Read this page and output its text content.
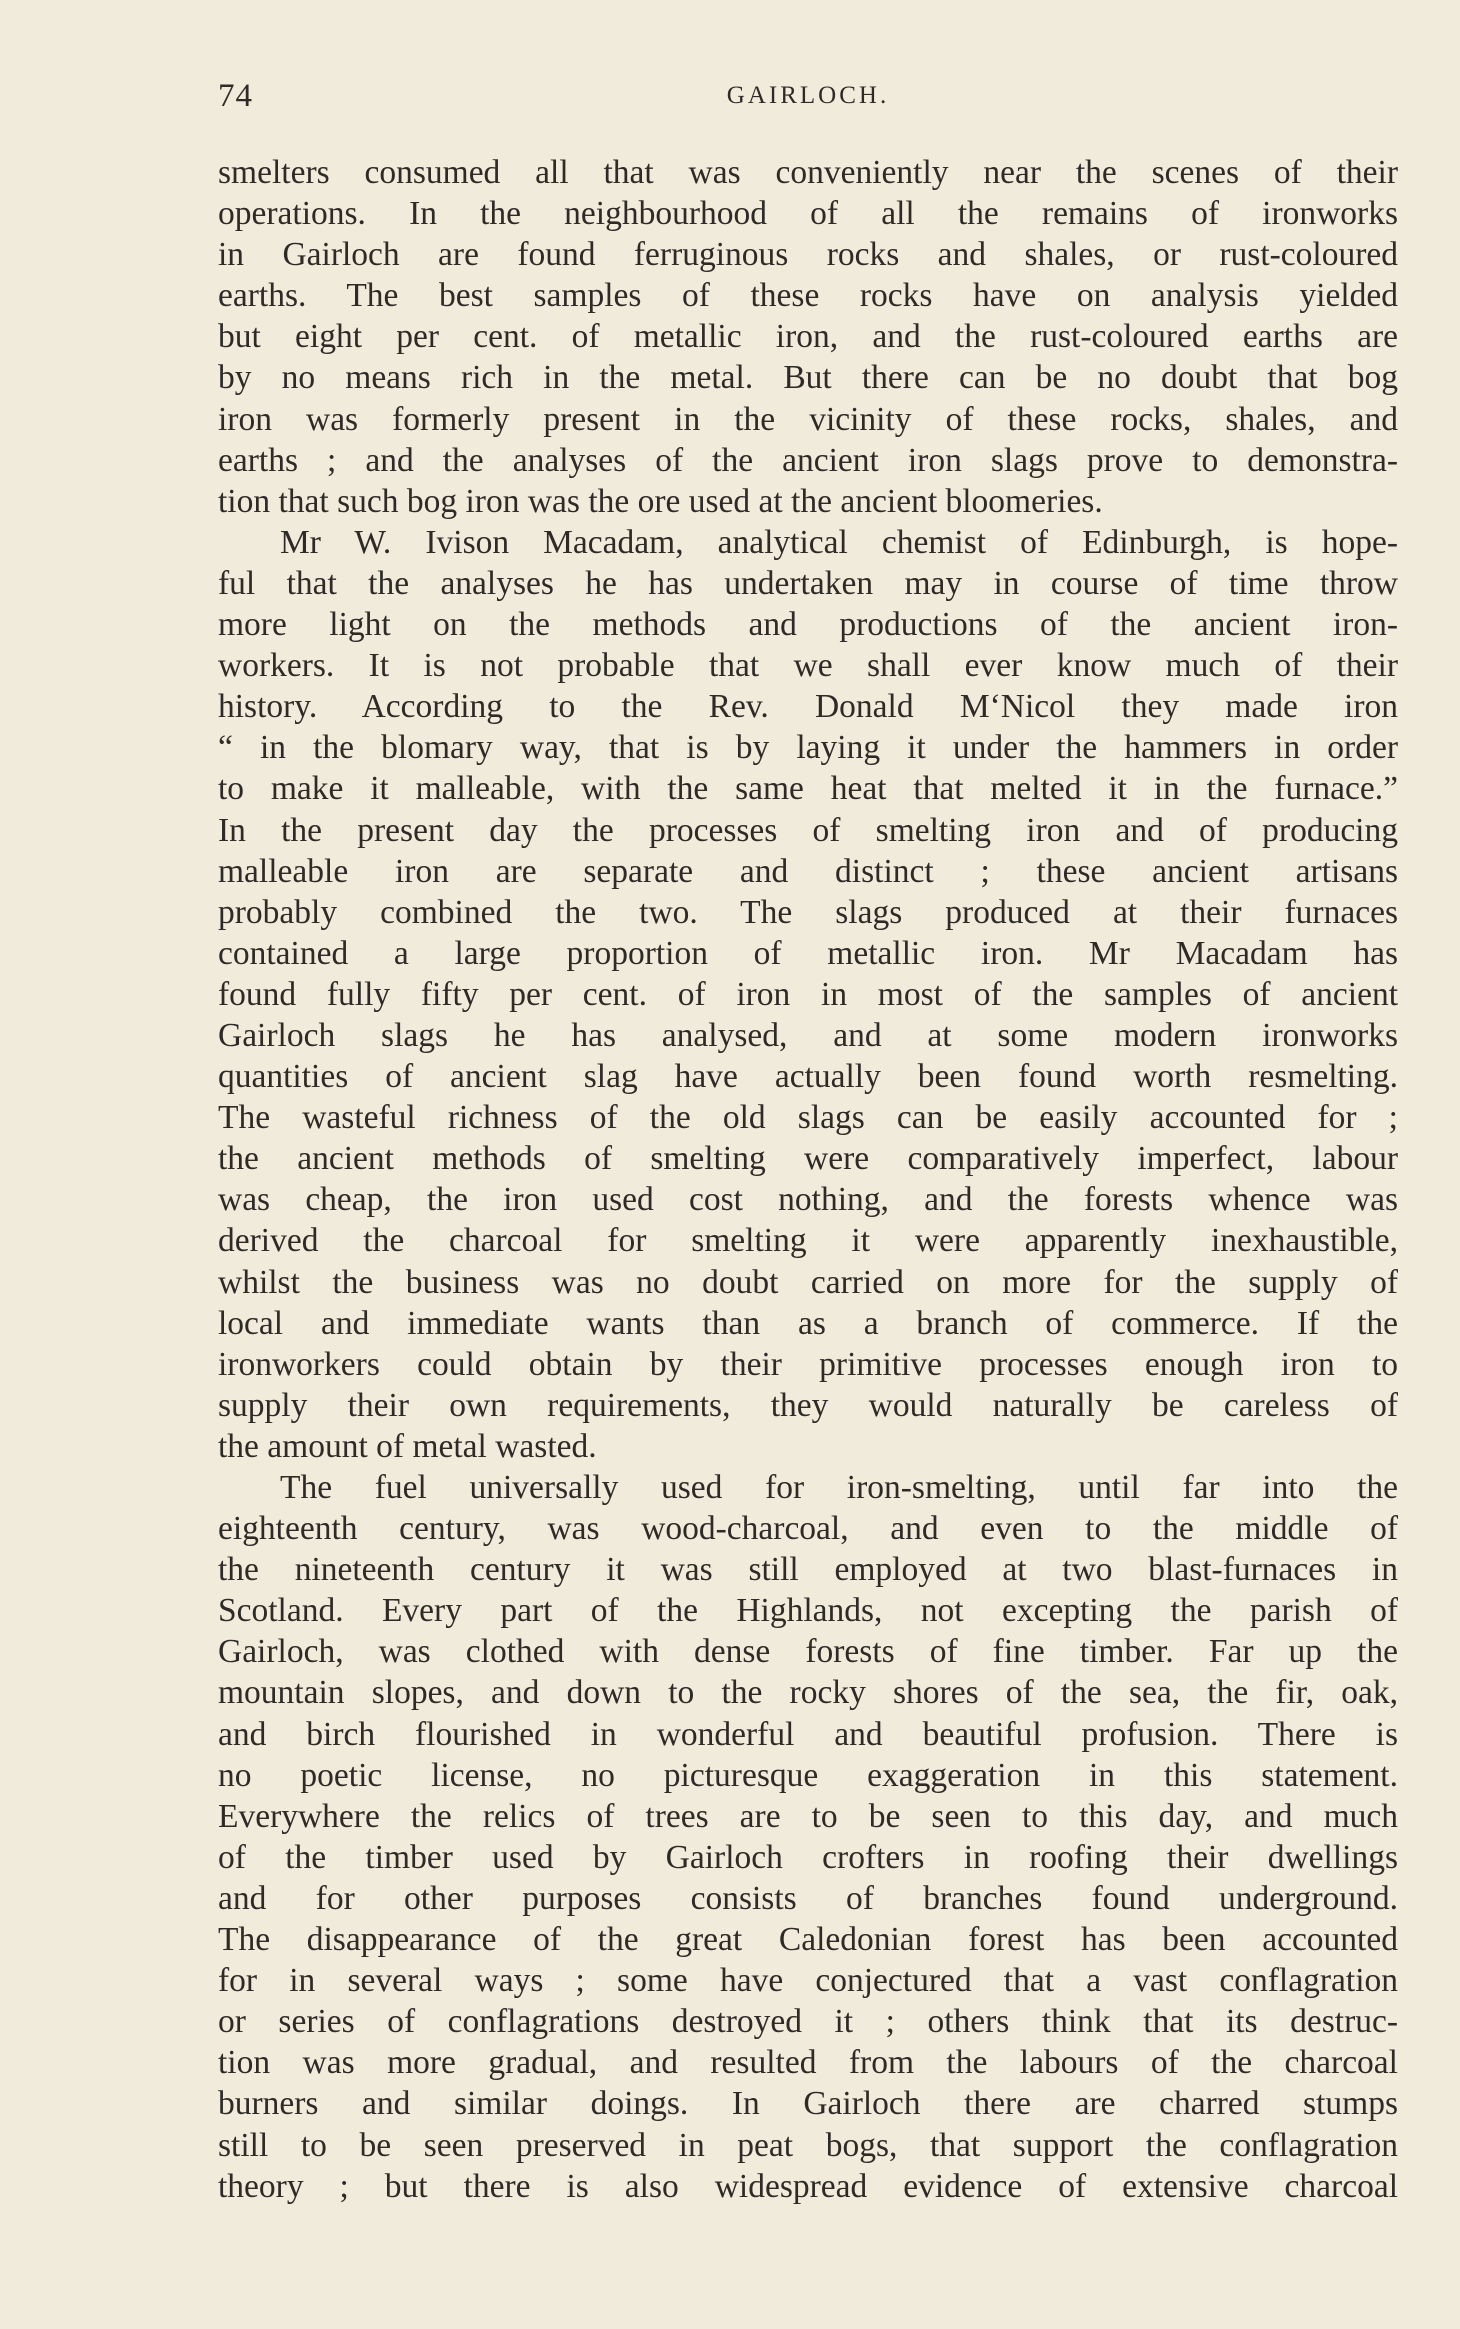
74	GAIRLOCH.
smelters consumed all that was conveniently near the scenes of their
operations. In the neighbourhood of all the remains of ironworks
in Gairloch are found ferruginous rocks and shales, or rust-coloured
earths. The best samples of these rocks have on analysis yielded
but eight per cent. of metallic iron, and the rust-coloured earths are
by no means rich in the metal. But there can be no doubt that bog
iron was formerly present in the vicinity of these rocks, shales, and
earths ; and the analyses of the ancient iron slags prove to demonstra-
tion that such bog iron was the ore used at the ancient bloomeries.
Mr W. Ivison Macadam, analytical chemist of Edinburgh, is hope-
ful that the analyses he has undertaken may in course of time throw
more light on the methods and productions of the ancient iron-
workers. It is not probable that we shall ever know much of their
history. According to the Rev. Donald M‘Nicol they made iron
“ in the blomary way, that is by laying it under the hammers in order
to make it malleable, with the same heat that melted it in the furnace.”
In the present day the processes of smelting iron and of producing
malleable iron are separate and distinct ; these ancient artisans
probably combined the two. The slags produced at their furnaces
contained a large proportion of metallic iron. Mr Macadam has
found fully fifty per cent. of iron in most of the samples of ancient
Gairloch slags he has analysed, and at some modern ironworks
quantities of ancient slag have actually been found worth resmelting.
The wasteful richness of the old slags can be easily accounted for ;
the ancient methods of smelting were comparatively imperfect, labour
was cheap, the iron used cost nothing, and the forests whence was
derived the charcoal for smelting it were apparently inexhaustible,
whilst the business was no doubt carried on more for the supply of
local and immediate wants than as a branch of commerce. If the
ironworkers could obtain by their primitive processes enough iron to
supply their own requirements, they would naturally be careless of
the amount of metal wasted.
The fuel universally used for iron-smelting, until far into the
eighteenth century, was wood-charcoal, and even to the middle of
the nineteenth century it was still employed at two blast-furnaces in
Scotland. Every part of the Highlands, not excepting the parish of
Gairloch, was clothed with dense forests of fine timber. Far up the
mountain slopes, and down to the rocky shores of the sea, the fir, oak,
and birch flourished in wonderful and beautiful profusion. There is
no poetic license, no picturesque exaggeration in this statement.
Everywhere the relics of trees are to be seen to this day, and much
of the timber used by Gairloch crofters in roofing their dwellings
and for other purposes consists of branches found underground.
The disappearance of the great Caledonian forest has been accounted
for in several ways ; some have conjectured that a vast conflagration
or series of conflagrations destroyed it ; others think that its destruc-
tion was more gradual, and resulted from the labours of the charcoal
burners and similar doings. In Gairloch there are charred stumps
still to be seen preserved in peat bogs, that support the conflagration
theory ; but there is also widespread evidence of extensive charcoal
